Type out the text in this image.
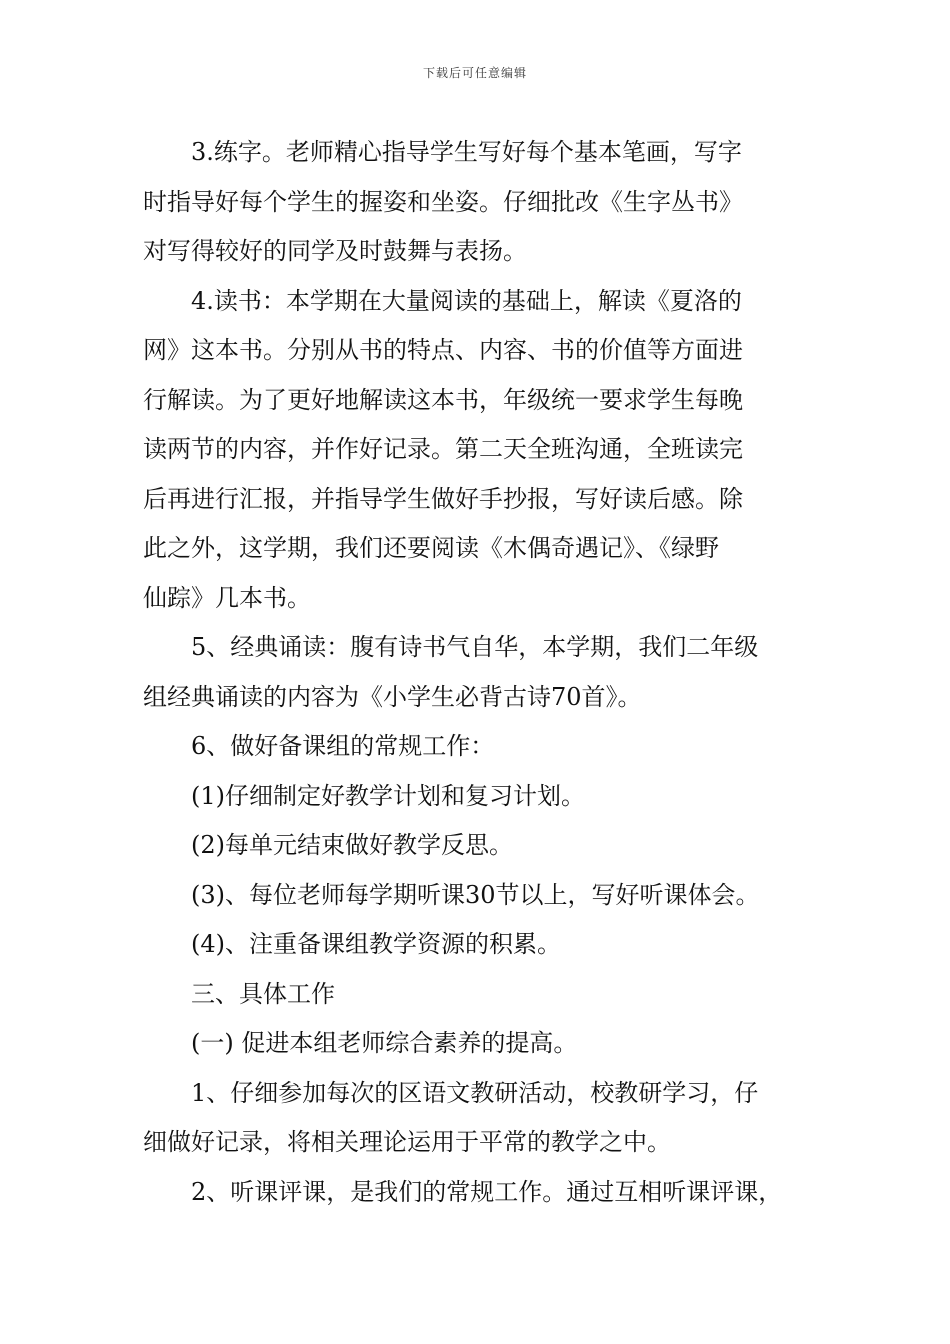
下载后可任意编辑
3.练字。老师精心指导学生写好每个基本笔画，写字
时指导好每个学生的握姿和坐姿。仔细批改《生字丛书》
对写得较好的同学及时鼓舞与表扬。
4.读书：本学期在大量阅读的基础上，解读《夏洛的
网》这本书。分别从书的特点、内容、书的价值等方面进
行解读。为了更好地解读这本书，年级统一要求学生每晚
读两节的内容，并作好记录。第二天全班沟通，全班读完
后再进行汇报，并指导学生做好手抄报，写好读后感。除
此之外，这学期，我们还要阅读《木偶奇遇记》、《绿野
仙踪》几本书。
5、经典诵读：腹有诗书气自华，本学期，我们二年级
组经典诵读的内容为《小学生必背古诗70首》。
6、做好备课组的常规工作：
(1)仔细制定好教学计划和复习计划。
(2)每单元结束做好教学反思。
(3)、每位老师每学期听课30节以上，写好听课体会。
(4)、注重备课组教学资源的积累。
三、具体工作
(一) 促进本组老师综合素养的提高。
1、仔细参加每次的区语文教研活动，校教研学习，仔
细做好记录，将相关理论运用于平常的教学之中。
2、听课评课，是我们的常规工作。通过互相听课评课，
